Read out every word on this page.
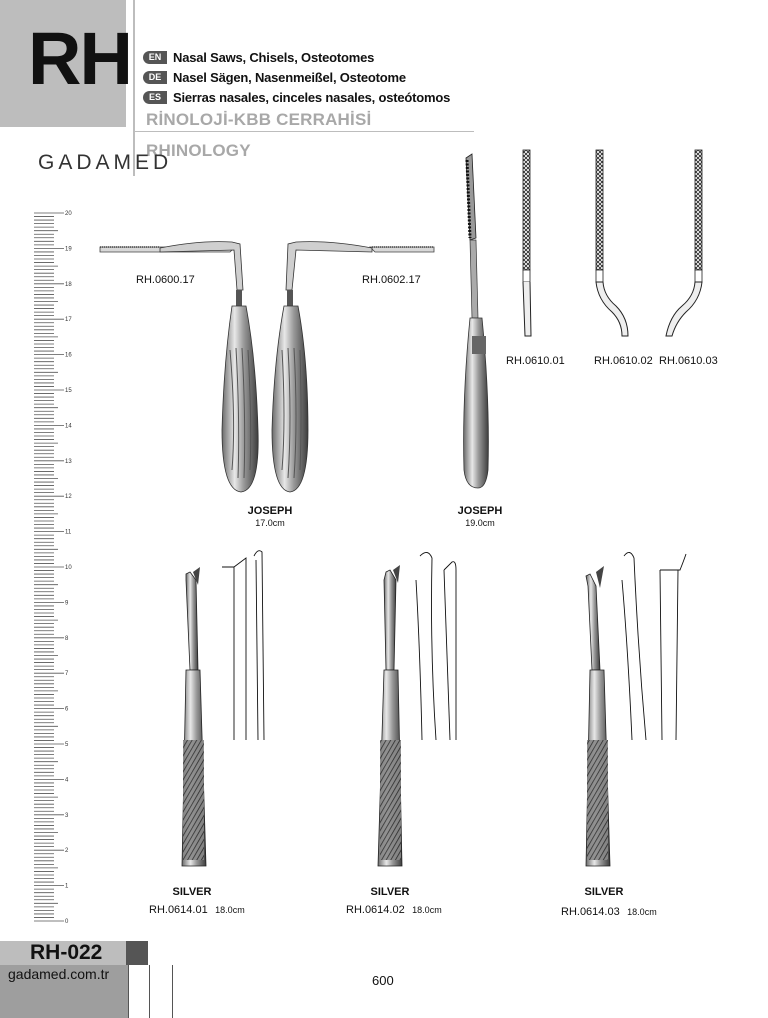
RH	EN Nasal Saws, Chisels, Osteotomes
DE Nasel Sägen, Nasenmeißel, Osteotome
ES Sierras nasales, cinceles nasales, osteótomos
RİNOLOJİ-KBB CERRAHİSİ
RHINOLOGY
GADAMED
20
19
18
17
16
15
14
13
12
11
10
9
8
7
6
5
4
3
2
1
0
RH.0600.17	RH.0602.17
JOSEPH
17.0cm
JOSEPH
19.0cm
RH.0610.01	RH.0610.02 RH.0610.03
SILVER
RH.0614.01 18.0cm
SILVER
RH.0614.02 18.0cm
SILVER
RH.0614.03 18.0cm
RH-022
gadamed.com.tr	600
